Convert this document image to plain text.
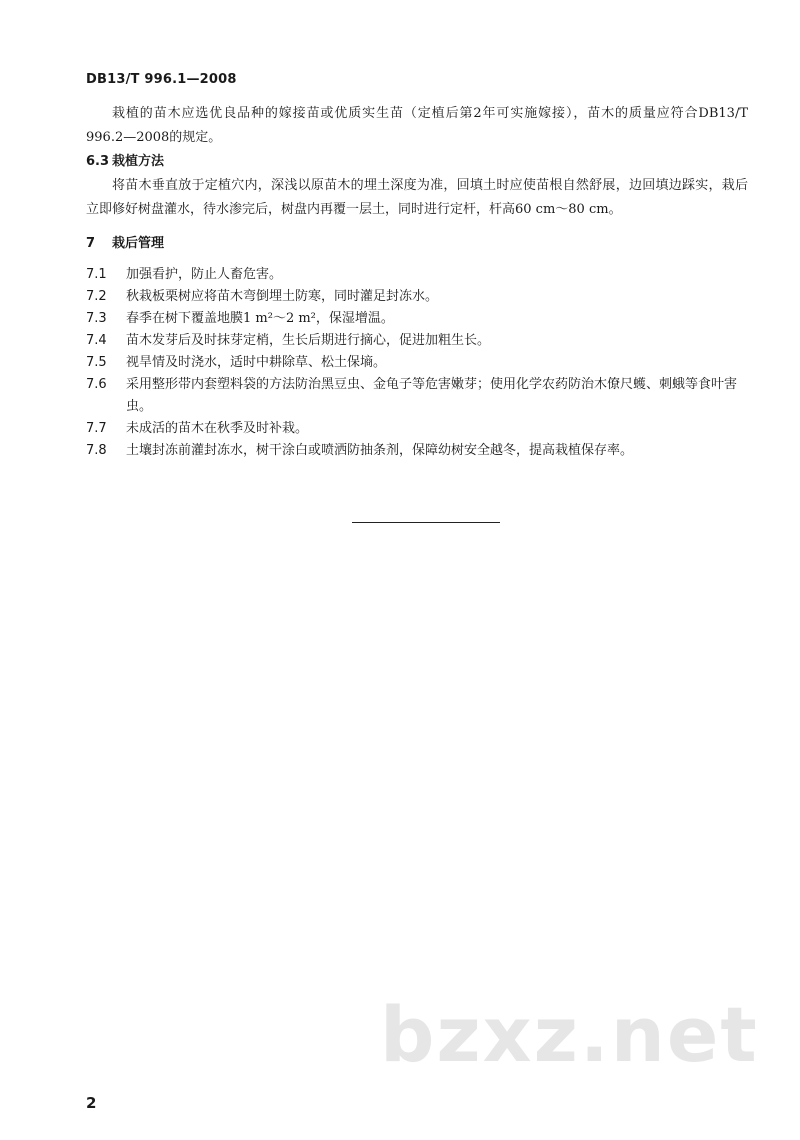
DB13/T 996.1—2008

栽植的苗木应选优良品种的嫁接苗或优质实生苗（定植后第2年可实施嫁接），苗木的质量应符合DB13/T 996.2—2008的规定。

6.3 栽植方法

将苗木垂直放于定植穴内，深浅以原苗木的埋土深度为准，回填土时应使苗根自然舒展，边回填边踩实，栽后立即修好树盘灌水，待水渗完后，树盘内再覆一层土，同时进行定杆，杆高60 cm～80 cm。

7 栽后管理

7.1 加强看护，防止人畜危害。

7.2 秋栽板栗树应将苗木弯倒埋土防寒，同时灌足封冻水。

7.3 春季在树下覆盖地膜1 m²～2 m²，保湿增温。

7.4 苗木发芽后及时抹芽定梢，生长后期进行摘心，促进加粗生长。

7.5 视旱情及时浇水，适时中耕除草、松土保墒。

7.6 采用整形带内套塑料袋的方法防治黑豆虫、金龟子等危害嫩芽；使用化学农药防治木僚尺蠖、刺蛾等食叶害虫。

7.7 未成活的苗木在秋季及时补栽。

7.8 土壤封冻前灌封冻水，树干涂白或喷洒防抽条剂，保障幼树安全越冬，提高栽植保存率。

bzxz.net
2
